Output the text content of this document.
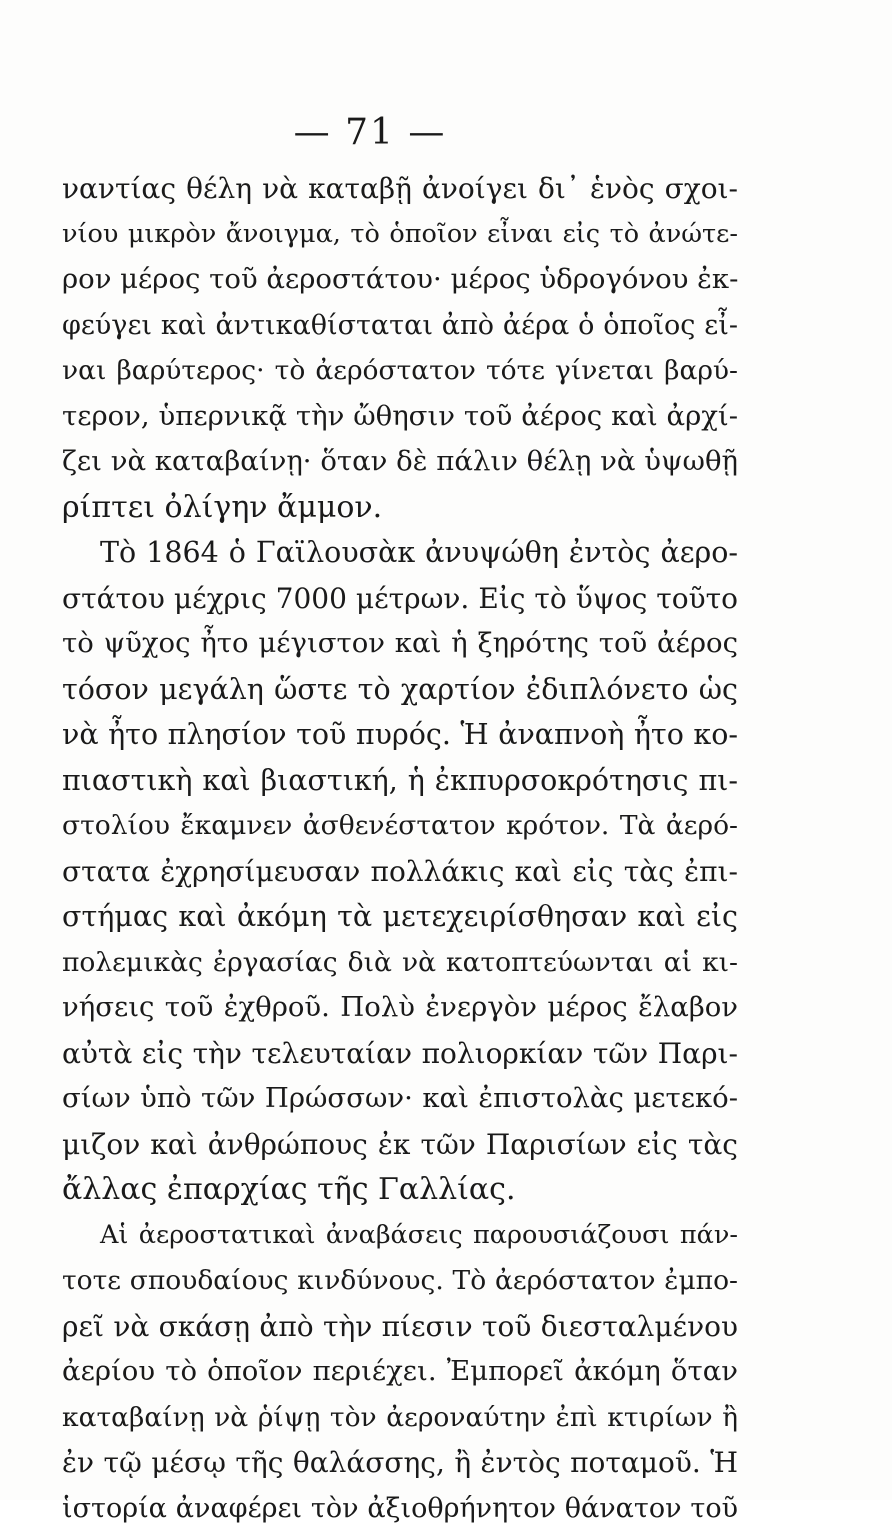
— 71 —
ναντίας θέλη νὰ καταβῇ ἀνοίγει δι᾽ ἑνὸς σχοι-
νίου μικρὸν ἄνοιγμα, τὸ ὁποῖον εἶναι εἰς τὸ ἀνώτε-
ρον μέρος τοῦ ἀεροστάτου· μέρος ὑδρογόνου ἐκ-
φεύγει καὶ ἀντικαθίσταται ἀπὸ ἀέρα ὁ ὁποῖος εἶ-
ναι βαρύτερος· τὸ ἀερόστατον τότε γίνεται βαρύ-
τερον, ὑπερνικᾷ τὴν ὤθησιν τοῦ ἀέρος καὶ ἀρχί-
ζει νὰ καταβαίνῃ· ὅταν δὲ πάλιν θέλῃ νὰ ὑψωθῇ
ρίπτει ὀλίγην ἄμμον.
Τὸ 1864 ὁ Γαϊλουσὰκ ἀνυψώθη ἐντὸς ἀερο-
στάτου μέχρις 7000 μέτρων. Εἰς τὸ ὕψος τοῦτο
τὸ ψῦχος ἦτο μέγιστον καὶ ἡ ξηρότης τοῦ ἀέρος
τόσον μεγάλη ὥστε τὸ χαρτίον ἐδιπλόνετο ὡς
νὰ ἦτο πλησίον τοῦ πυρός. Ἡ ἀναπνοὴ ἦτο κο-
πιαστικὴ καὶ βιαστική, ἡ ἐκπυρσοκρότησις πι-
στολίου ἔκαμνεν ἀσθενέστατον κρότον. Τὰ ἀερό-
στατα ἐχρησίμευσαν πολλάκις καὶ εἰς τὰς ἐπι-
στήμας καὶ ἀκόμη τὰ μετεχειρίσθησαν καὶ εἰς
πολεμικὰς ἐργασίας διὰ νὰ κατοπτεύωνται αἱ κι-
νήσεις τοῦ ἐχθροῦ. Πολὺ ἐνεργὸν μέρος ἔλαβον
αὐτὰ εἰς τὴν τελευταίαν πολιορκίαν τῶν Παρι-
σίων ὑπὸ τῶν Πρώσσων· καὶ ἐπιστολὰς μετεκό-
μιζον καὶ ἀνθρώπους ἐκ τῶν Παρισίων εἰς τὰς
ἄλλας ἐπαρχίας τῆς Γαλλίας.
Αἱ ἀεροστατικαὶ ἀναβάσεις παρουσιάζουσι πάν-
τοτε σπουδαίους κινδύνους. Τὸ ἀερόστατον ἐμπο-
ρεῖ νὰ σκάσῃ ἀπὸ τὴν πίεσιν τοῦ διεσταλμένου
ἀερίου τὸ ὁποῖον περιέχει. Ἐμπορεῖ ἀκόμη ὅταν
καταβαίνῃ νὰ ῥίψῃ τὸν ἀεροναύτην ἐπὶ κτιρίων ἢ
ἐν τῷ μέσῳ τῆς θαλάσσης, ἢ ἐντὸς ποταμοῦ. Ἡ
ἱστορία ἀναφέρει τὸν ἀξιοθρήνητον θάνατον τοῦ
